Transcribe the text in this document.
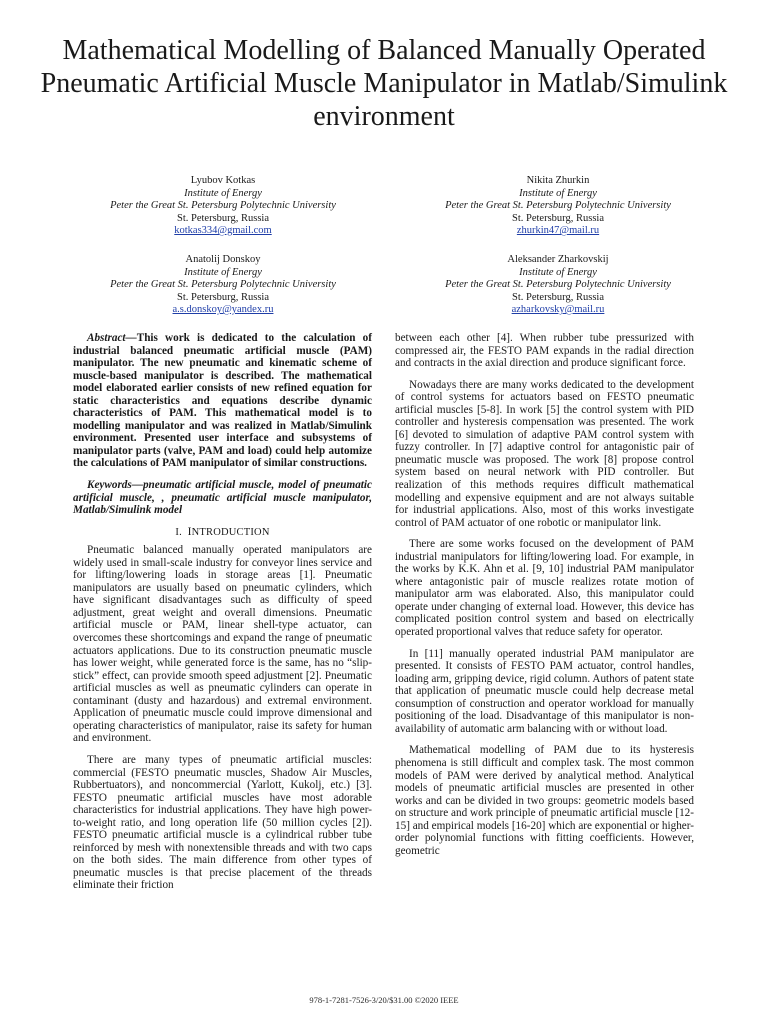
Mathematical Modelling of Balanced Manually Operated Pneumatic Artificial Muscle Manipulator in Matlab/Simulink environment
Lyubov Kotkas
Institute of Energy
Peter the Great St. Petersburg Polytechnic University
St. Petersburg, Russia
kotkas334@gmail.com
Nikita Zhurkin
Institute of Energy
Peter the Great St. Petersburg Polytechnic University
St. Petersburg, Russia
zhurkin47@mail.ru
Anatolij Donskoy
Institute of Energy
Peter the Great St. Petersburg Polytechnic University
St. Petersburg, Russia
a.s.donskoy@yandex.ru
Aleksander Zharkovskij
Institute of Energy
Peter the Great St. Petersburg Polytechnic University
St. Petersburg, Russia
azharkovsky@mail.ru

Abstract—This work is dedicated to the calculation of industrial balanced pneumatic artificial muscle (PAM) manipulator. The new pneumatic and kinematic scheme of muscle-based manipulator is described. The mathematical model elaborated earlier consists of new refined equation for static characteristics and equations describe dynamic characteristics of PAM. This mathematical model is to modelling manipulator and was realized in Matlab/Simulink environment. Presented user interface and subsystems of manipulator parts (valve, PAM and load) could help automize the calculations of PAM manipulator of similar constructions.

Keywords—pneumatic artificial muscle, model of pneumatic artificial muscle, , pneumatic artificial muscle manipulator, Matlab/Simulink model

I. INTRODUCTION

Pneumatic balanced manually operated manipulators are widely used in small-scale industry for conveyor lines service and for lifting/lowering loads in storage areas [1]. Pneumatic manipulators are usually based on pneumatic cylinders, which have significant disadvantages such as difficulty of speed adjustment, great weight and overall dimensions. Pneumatic artificial muscle or PAM, linear shell-type actuator, can overcomes these shortcomings and expand the range of pneumatic actuators applications. Due to its construction pneumatic muscle has lower weight, while generated force is the same, has no “slip-stick” effect, can provide smooth speed adjustment [2]. Pneumatic artificial muscles as well as pneumatic cylinders can operate in contaminant (dusty and hazardous) and extremal environment. Application of pneumatic muscle could improve dimensional and operating characteristics of manipulator, raise its safety for human and environment.

There are many types of pneumatic artificial muscles: commercial (FESTO pneumatic muscles, Shadow Air Muscles, Rubbertuators), and noncommercial (Yarlott, Kukolj, etc.) [3]. FESTO pneumatic artificial muscles have most adorable characteristics for industrial applications. They have high power-to-weight ratio, and long operation life (50 million cycles [2]). FESTO pneumatic artificial muscle is a cylindrical rubber tube reinforced by mesh with nonextensible threads and with two caps on the both sides. The main difference from other types of pneumatic muscles is that precise placement of the threads eliminate their friction

between each other [4]. When rubber tube pressurized with compressed air, the FESTO PAM expands in the radial direction and contracts in the axial direction and produce significant force.

Nowadays there are many works dedicated to the development of control systems for actuators based on FESTO pneumatic artificial muscles [5-8]. In work [5] the control system with PID controller and hysteresis compensation was presented. The work [6] devoted to simulation of adaptive PAM control system with fuzzy controller. In [7] adaptive control for antagonistic pair of pneumatic muscle was proposed. The work [8] propose control system based on neural network with PID controller. But realization of this methods requires difficult mathematical modelling and expensive equipment and are not always suitable for industrial applications. Also, most of this works investigate control of PAM actuator of one robotic or manipulator link.

There are some works focused on the development of PAM industrial manipulators for lifting/lowering load. For example, in the works by K.K. Ahn et al. [9, 10] industrial PAM manipulator where antagonistic pair of muscle realizes rotate motion of manipulator arm was elaborated. Also, this manipulator could operate under changing of external load. However, this device has complicated position control system and based on electrically operated proportional valves that reduce safety for operator.

In [11] manually operated industrial PAM manipulator are presented. It consists of FESTO PAM actuator, control handles, loading arm, gripping device, rigid column. Authors of patent state that application of pneumatic muscle could help decrease metal consumption of construction and operator workload for manually positioning of the load. Disadvantage of this manipulator is non-availability of automatic arm balancing with or without load.

Mathematical modelling of PAM due to its hysteresis phenomena is still difficult and complex task. The most common models of PAM were derived by analytical method. Analytical models of pneumatic artificial muscles are presented in other works and can be divided in two groups: geometric models based on structure and work principle of pneumatic artificial muscle [12-15] and empirical models [16-20] which are exponential or higher-order polynomial functions with fitting coefficients. However, geometric

978-1-7281-7526-3/20/$31.00 ©2020 IEEE
